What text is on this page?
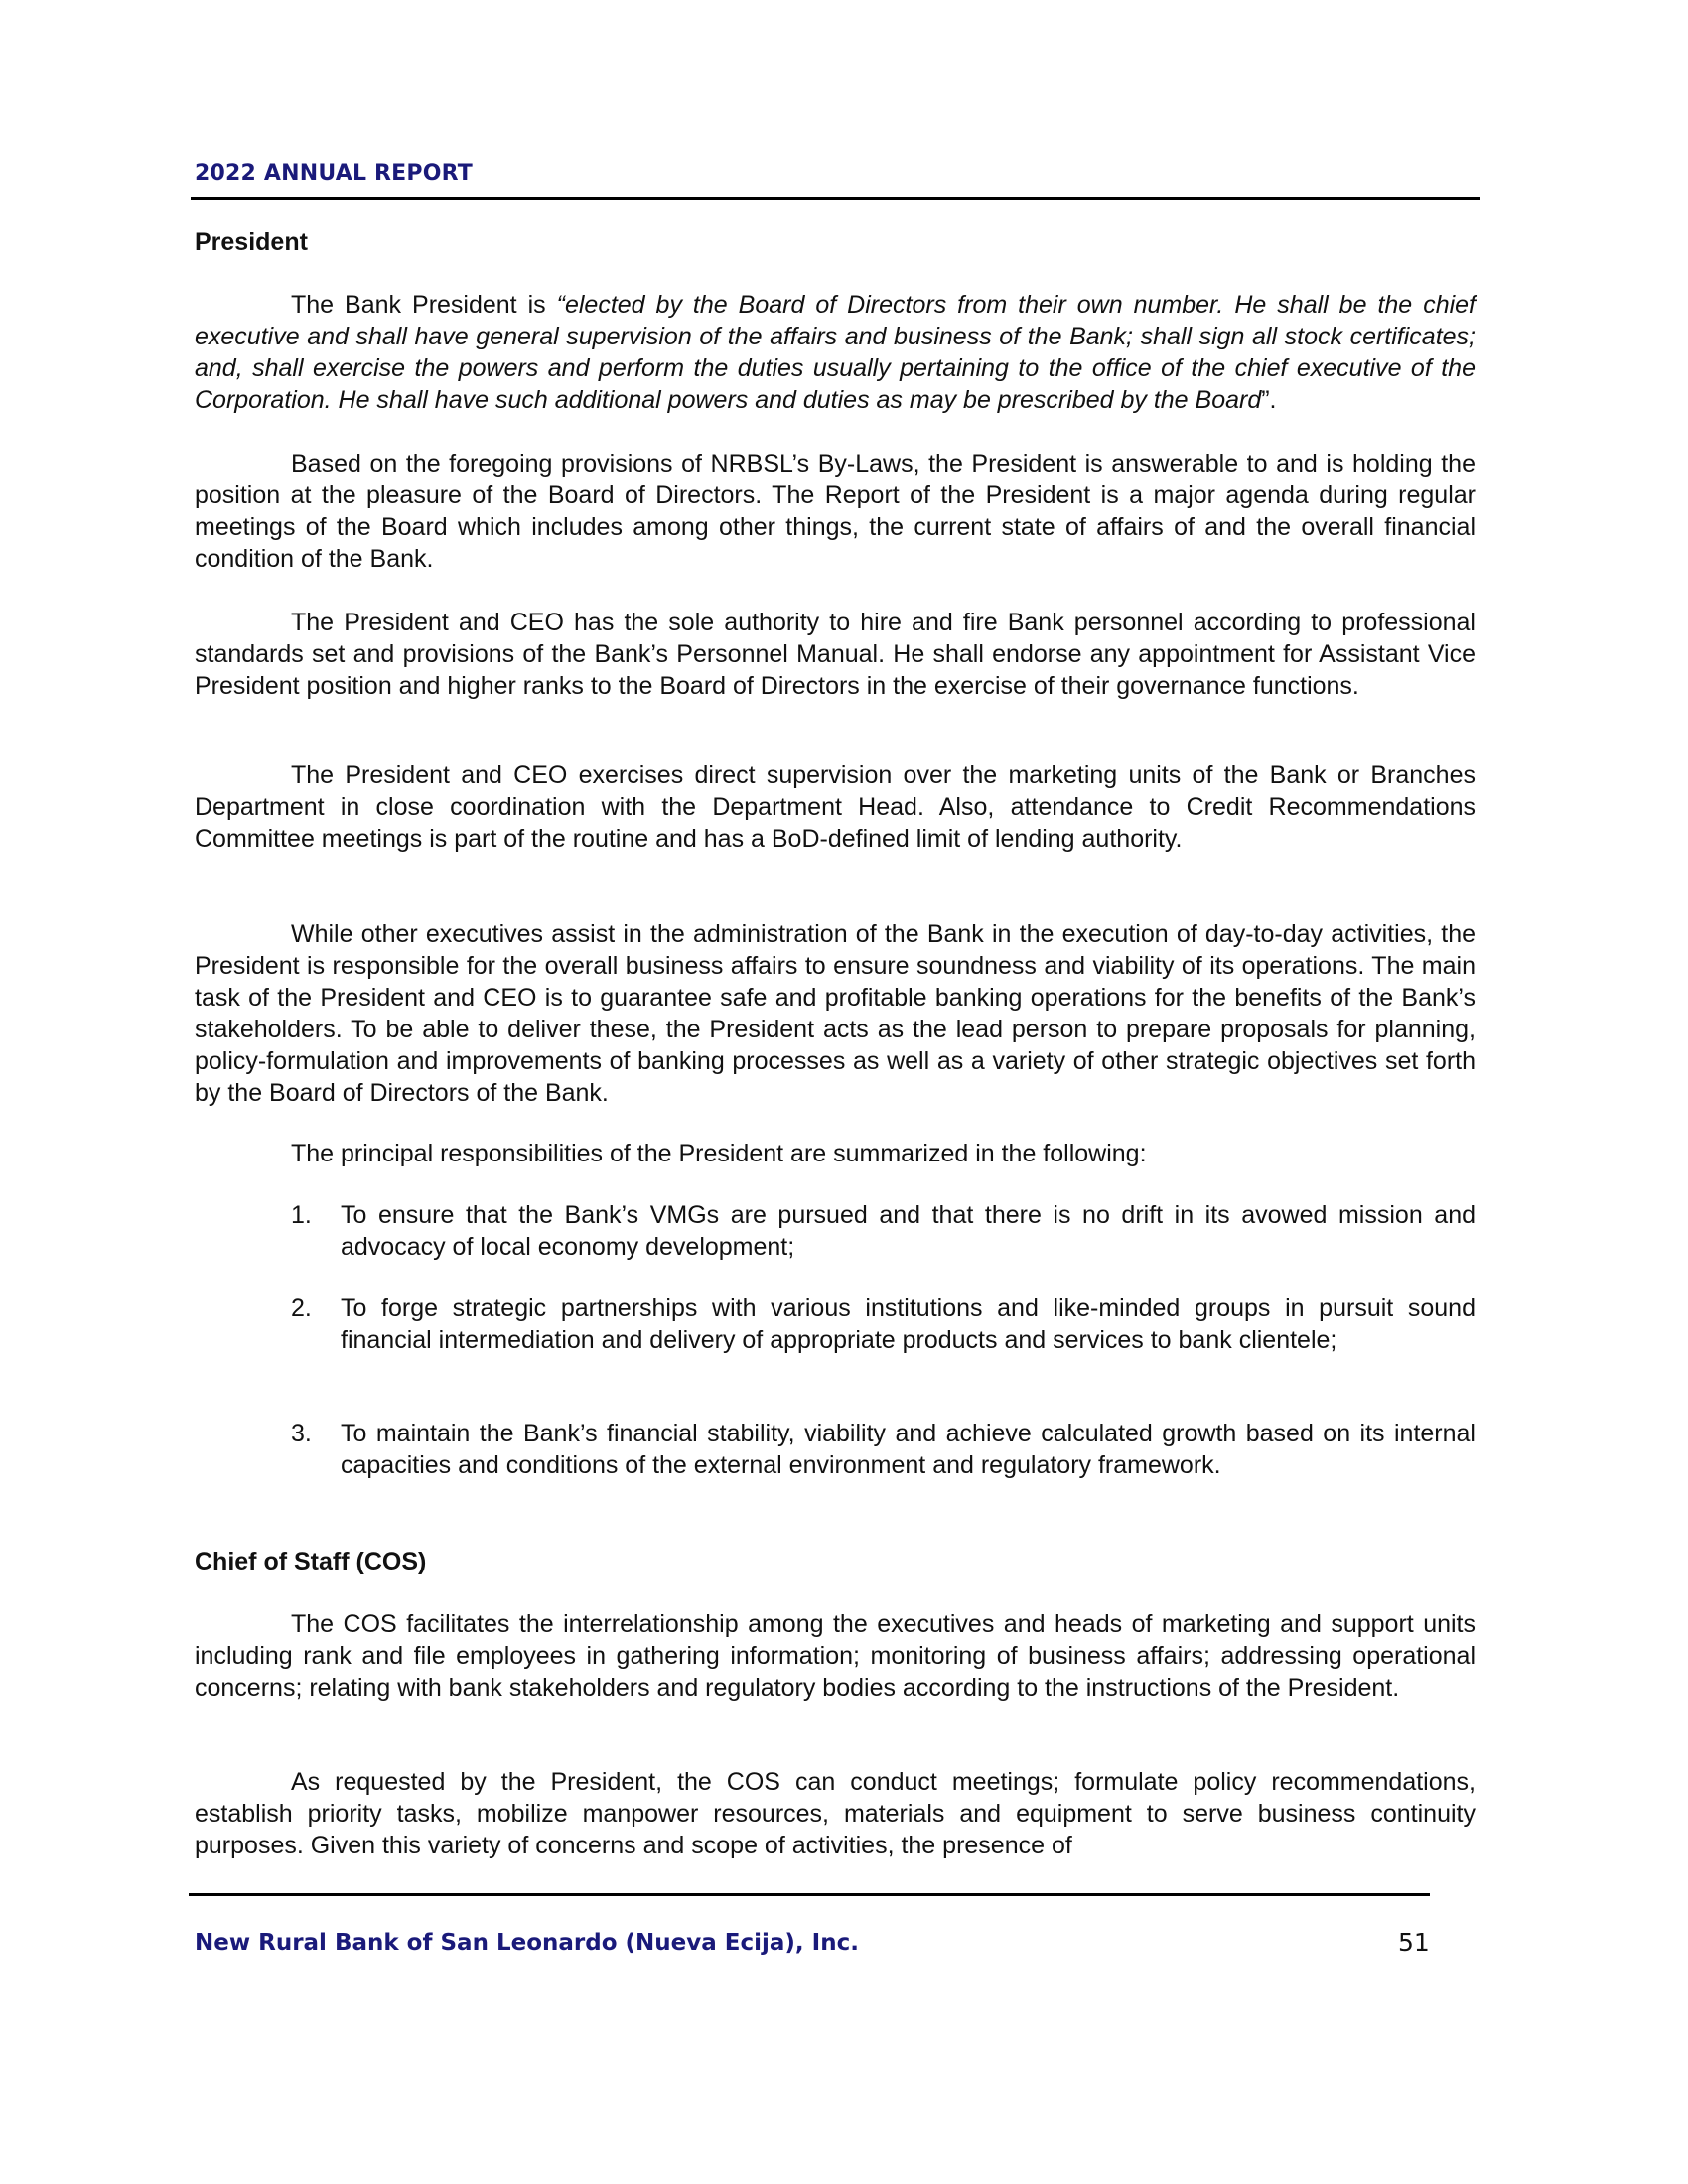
2022 ANNUAL REPORT
President

The Bank President is “elected by the Board of Directors from their own number. He shall be the chief executive and shall have general supervision of the affairs and business of the Bank; shall sign all stock certificates; and, shall exercise the powers and perform the duties usually pertaining to the office of the chief executive of the Corporation. He shall have such additional powers and duties as may be prescribed by the Board”.

Based on the foregoing provisions of NRBSL’s By-Laws, the President is answerable to and is holding the position at the pleasure of the Board of Directors. The Report of the President is a major agenda during regular meetings of the Board which includes among other things, the current state of affairs of and the overall financial condition of the Bank.

The President and CEO has the sole authority to hire and fire Bank personnel according to professional standards set and provisions of the Bank’s Personnel Manual. He shall endorse any appointment for Assistant Vice President position and higher ranks to the Board of Directors in the exercise of their governance functions.

The President and CEO exercises direct supervision over the marketing units of the Bank or Branches Department in close coordination with the Department Head. Also, attendance to Credit Recommendations Committee meetings is part of the routine and has a BoD-defined limit of lending authority.

While other executives assist in the administration of the Bank in the execution of day-to-day activities, the President is responsible for the overall business affairs to ensure soundness and viability of its operations. The main task of the President and CEO is to guarantee safe and profitable banking operations for the benefits of the Bank’s stakeholders. To be able to deliver these, the President acts as the lead person to prepare proposals for planning, policy-formulation and improvements of banking processes as well as a variety of other strategic objectives set forth by the Board of Directors of the Bank.

The principal responsibilities of the President are summarized in the following:

1. To ensure that the Bank’s VMGs are pursued and that there is no drift in its avowed mission and advocacy of local economy development;
2. To forge strategic partnerships with various institutions and like-minded groups in pursuit sound financial intermediation and delivery of appropriate products and services to bank clientele;
3. To maintain the Bank’s financial stability, viability and achieve calculated growth based on its internal capacities and conditions of the external environment and regulatory framework.
Chief of Staff (COS)

The COS facilitates the interrelationship among the executives and heads of marketing and support units including rank and file employees in gathering information; monitoring of business affairs; addressing operational concerns; relating with bank stakeholders and regulatory bodies according to the instructions of the President.

As requested by the President, the COS can conduct meetings; formulate policy recommendations, establish priority tasks, mobilize manpower resources, materials and equipment to serve business continuity purposes. Given this variety of concerns and scope of activities, the presence of

New Rural Bank of San Leonardo (Nueva Ecija), Inc.	51
